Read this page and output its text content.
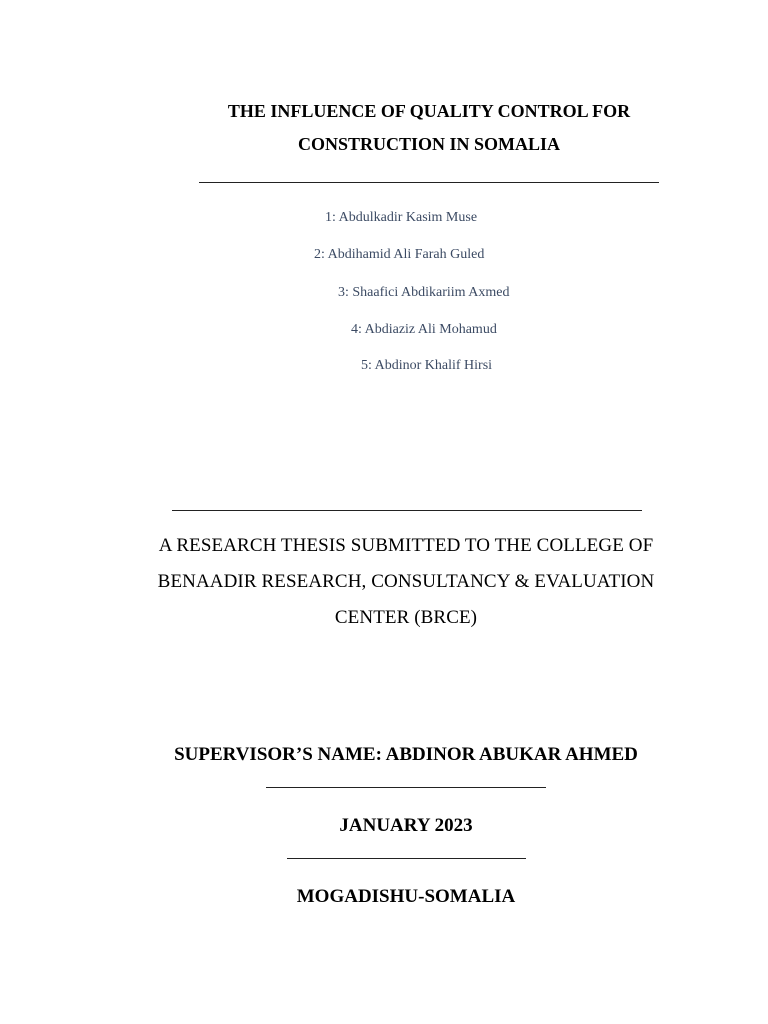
THE INFLUENCE OF QUALITY CONTROL FOR
CONSTRUCTION IN SOMALIA
1: Abdulkadir Kasim Muse
2: Abdihamid Ali Farah Guled
3: Shaafici Abdikariim Axmed
4: Abdiaziz Ali Mohamud
5: Abdinor Khalif Hirsi
A RESEARCH THESIS SUBMITTED TO THE COLLEGE OF
BENAADIR RESEARCH, CONSULTANCY & EVALUATION
CENTER (BRCE)
SUPERVISOR’S NAME: ABDINOR ABUKAR AHMED
JANUARY 2023
MOGADISHU-SOMALIA
